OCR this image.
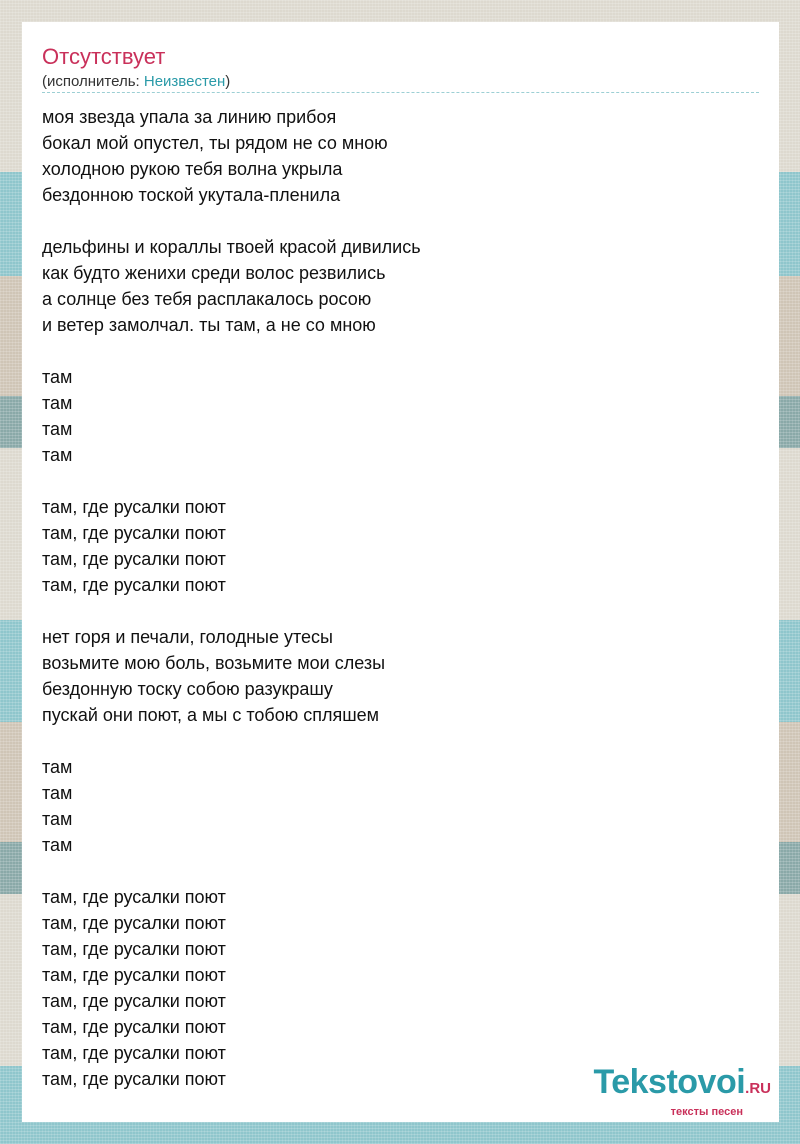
Отсутствует
(исполнитель: Неизвестен)
моя звезда упала за линию прибоя
бокал мой опустел, ты рядом не со мною
холодною рукою тебя волна укрыла
бездонною тоской укутала-пленила
дельфины и кораллы твоей красой дивились
как будто женихи среди волос резвились
а солнце без тебя расплакалось росою
и ветер замолчал. ты там, а не со мною
там
там
там
там
там, где русалки поют
там, где русалки поют
там, где русалки поют
там, где русалки поют
нет горя и печали, голодные утесы
возьмите мою боль, возьмите мои слезы
бездонную тоску собою разукрашу
пускай они поют, а мы с тобою спляшем
там
там
там
там
там, где русалки поют
там, где русалки поют
там, где русалки поют
там, где русалки поют
там, где русалки поют
там, где русалки поют
там, где русалки поют
там, где русалки поют	Tekstovoi.RU
тексты песен
